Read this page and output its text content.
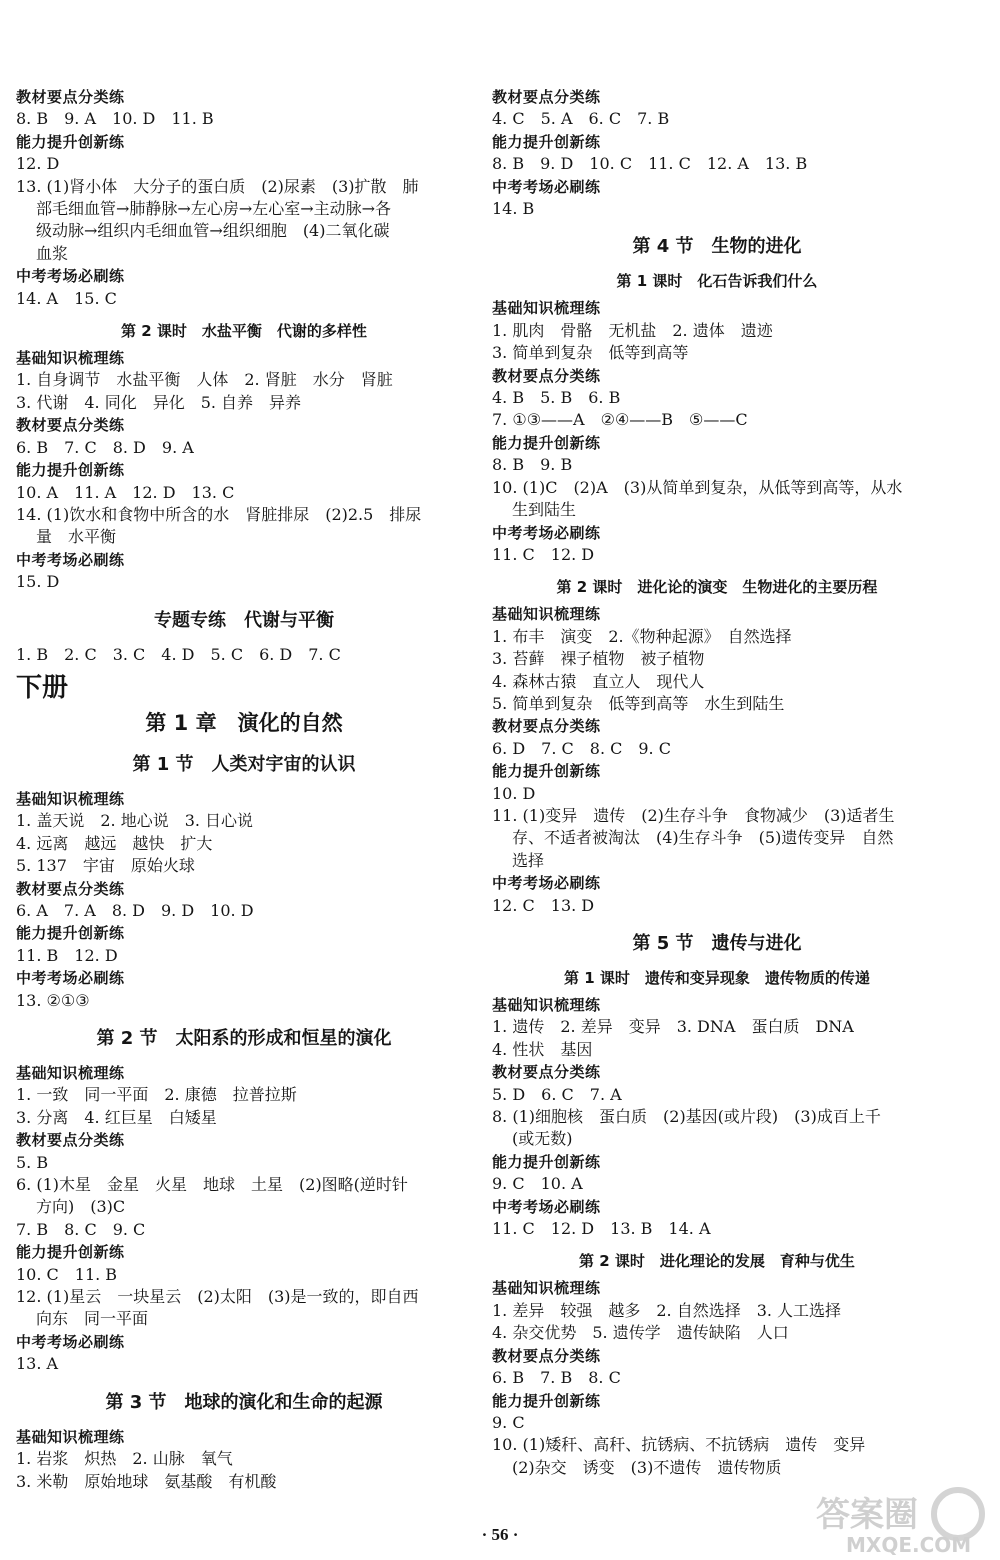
教材要点分类练
8. B　9. A　10. D　11. B
能力提升创新练
12. D
13. (1)肾小体　大分子的蛋白质　(2)尿素　(3)扩散　肺
部毛细血管→肺静脉→左心房→左心室→主动脉→各
级动脉→组织内毛细血管→组织细胞　(4)二氧化碳
血浆
中考考场必刷练
14. A　15. C
第 2 课时　水盐平衡　代谢的多样性
基础知识梳理练
1. 自身调节　水盐平衡　人体　2. 肾脏　水分　肾脏
3. 代谢　4. 同化　异化　5. 自养　异养
教材要点分类练
6. B　7. C　8. D　9. A
能力提升创新练
10. A　11. A　12. D　13. C
14. (1)饮水和食物中所含的水　肾脏排尿　(2)2.5　排尿
量　水平衡
中考考场必刷练
15. D
专题专练　代谢与平衡
1. B　2. C　3. C　4. D　5. C　6. D　7. C
下册
第 1 章　演化的自然
第 1 节　人类对宇宙的认识
基础知识梳理练
1. 盖天说　2. 地心说　3. 日心说
4. 远离　越远　越快　扩大
5. 137　宇宙　原始火球
教材要点分类练
6. A　7. A　8. D　9. D　10. D
能力提升创新练
11. B　12. D
中考考场必刷练
13. ②①③
第 2 节　太阳系的形成和恒星的演化
基础知识梳理练
1. 一致　同一平面　2. 康德　拉普拉斯
3. 分离　4. 红巨星　白矮星
教材要点分类练
5. B
6. (1)木星　金星　火星　地球　土星　(2)图略(逆时针
方向)　(3)C
7. B　8. C　9. C
能力提升创新练
10. C　11. B
12. (1)星云　一块星云　(2)太阳　(3)是一致的，即自西
向东　同一平面
中考考场必刷练
13. A
第 3 节　地球的演化和生命的起源
基础知识梳理练
1. 岩浆　炽热　2. 山脉　氧气
3. 米勒　原始地球　氨基酸　有机酸
教材要点分类练
4. C　5. A　6. C　7. B
能力提升创新练
8. B　9. D　10. C　11. C　12. A　13. B
中考考场必刷练
14. B
第 4 节　生物的进化
第 1 课时　化石告诉我们什么
基础知识梳理练
1. 肌肉　骨骼　无机盐　2. 遗体　遗迹
3. 简单到复杂　低等到高等
教材要点分类练
4. B　5. B　6. B
7. ①③——A　②④——B　⑤——C
能力提升创新练
8. B　9. B
10. (1)C　(2)A　(3)从简单到复杂，从低等到高等，从水
生到陆生
中考考场必刷练
11. C　12. D
第 2 课时　进化论的演变　生物进化的主要历程
基础知识梳理练
1. 布丰　演变　2.《物种起源》　自然选择
3. 苔藓　裸子植物　被子植物
4. 森林古猿　直立人　现代人
5. 简单到复杂　低等到高等　水生到陆生
教材要点分类练
6. D　7. C　8. C　9. C
能力提升创新练
10. D
11. (1)变异　遗传　(2)生存斗争　食物减少　(3)适者生
存、不适者被淘汰　(4)生存斗争　(5)遗传变异　自然
选择
中考考场必刷练
12. C　13. D
第 5 节　遗传与进化
第 1 课时　遗传和变异现象　遗传物质的传递
基础知识梳理练
1. 遗传　2. 差异　变异　3. DNA　蛋白质　DNA
4. 性状　基因
教材要点分类练
5. D　6. C　7. A
8. (1)细胞核　蛋白质　(2)基因(或片段)　(3)成百上千
(或无数)
能力提升创新练
9. C　10. A
中考考场必刷练
11. C　12. D　13. B　14. A
第 2 课时　进化理论的发展　育种与优生
基础知识梳理练
1. 差异　较强　越多　2. 自然选择　3. 人工选择
4. 杂交优势　5. 遗传学　遗传缺陷　人口
教材要点分类练
6. B　7. B　8. C
能力提升创新练
9. C
10. (1)矮秆、高秆、抗锈病、不抗锈病　遗传　变异
(2)杂交　诱变　(3)不遗传　遗传物质
· 56 ·	答案圈
MXQE.COM
